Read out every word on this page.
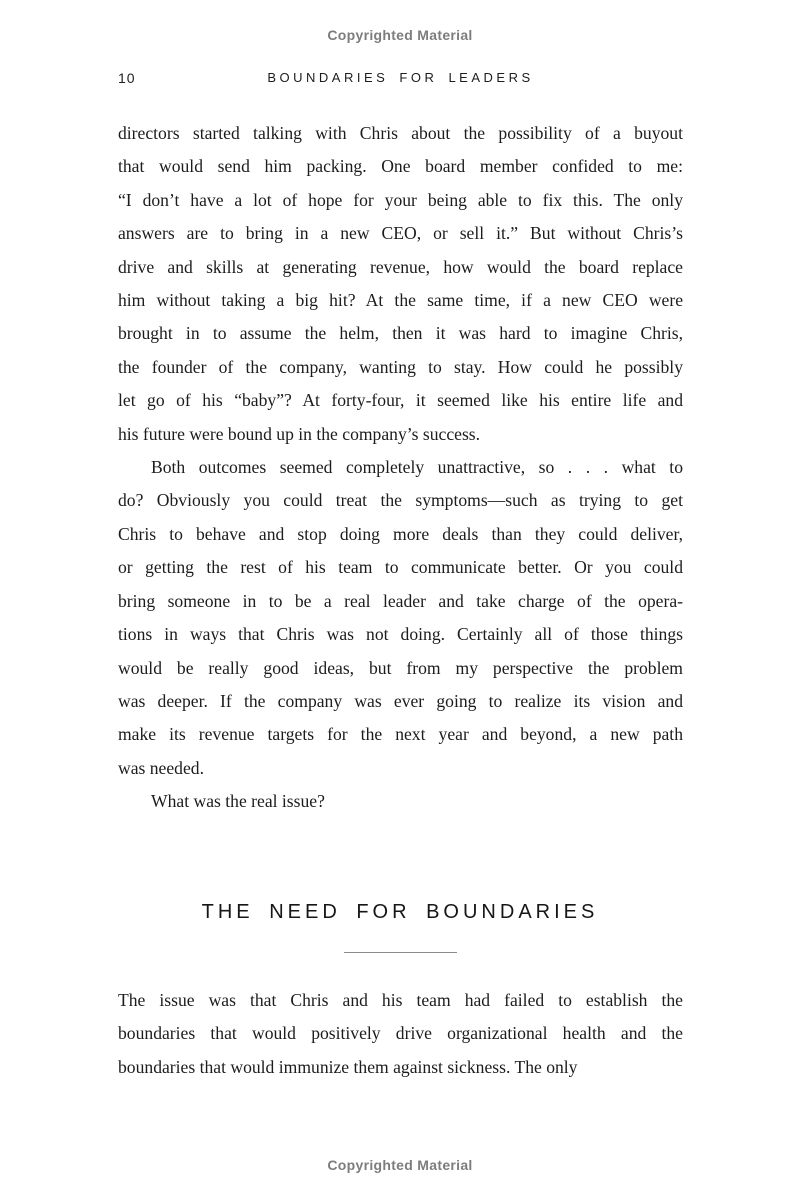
Copyrighted Material
10	BOUNDARIES FOR LEADERS
directors started talking with Chris about the possibility of a buyout
that would send him packing. One board member confided to me:
“I don’t have a lot of hope for your being able to fix this. The only
answers are to bring in a new CEO, or sell it.” But without Chris’s
drive and skills at generating revenue, how would the board replace
him without taking a big hit? At the same time, if a new CEO were
brought in to assume the helm, then it was hard to imagine Chris,
the founder of the company, wanting to stay. How could he possibly
let go of his “baby”? At forty-four, it seemed like his entire life and
his future were bound up in the company’s success.
Both outcomes seemed completely unattractive, so . . . what to
do? Obviously you could treat the symptoms—such as trying to get
Chris to behave and stop doing more deals than they could deliver,
or getting the rest of his team to communicate better. Or you could
bring someone in to be a real leader and take charge of the opera-
tions in ways that Chris was not doing. Certainly all of those things
would be really good ideas, but from my perspective the problem
was deeper. If the company was ever going to realize its vision and
make its revenue targets for the next year and beyond, a new path
was needed.
What was the real issue?
THE NEED FOR BOUNDARIES
The issue was that Chris and his team had failed to establish the
boundaries that would positively drive organizational health and the
boundaries that would immunize them against sickness. The only
Copyrighted Material
